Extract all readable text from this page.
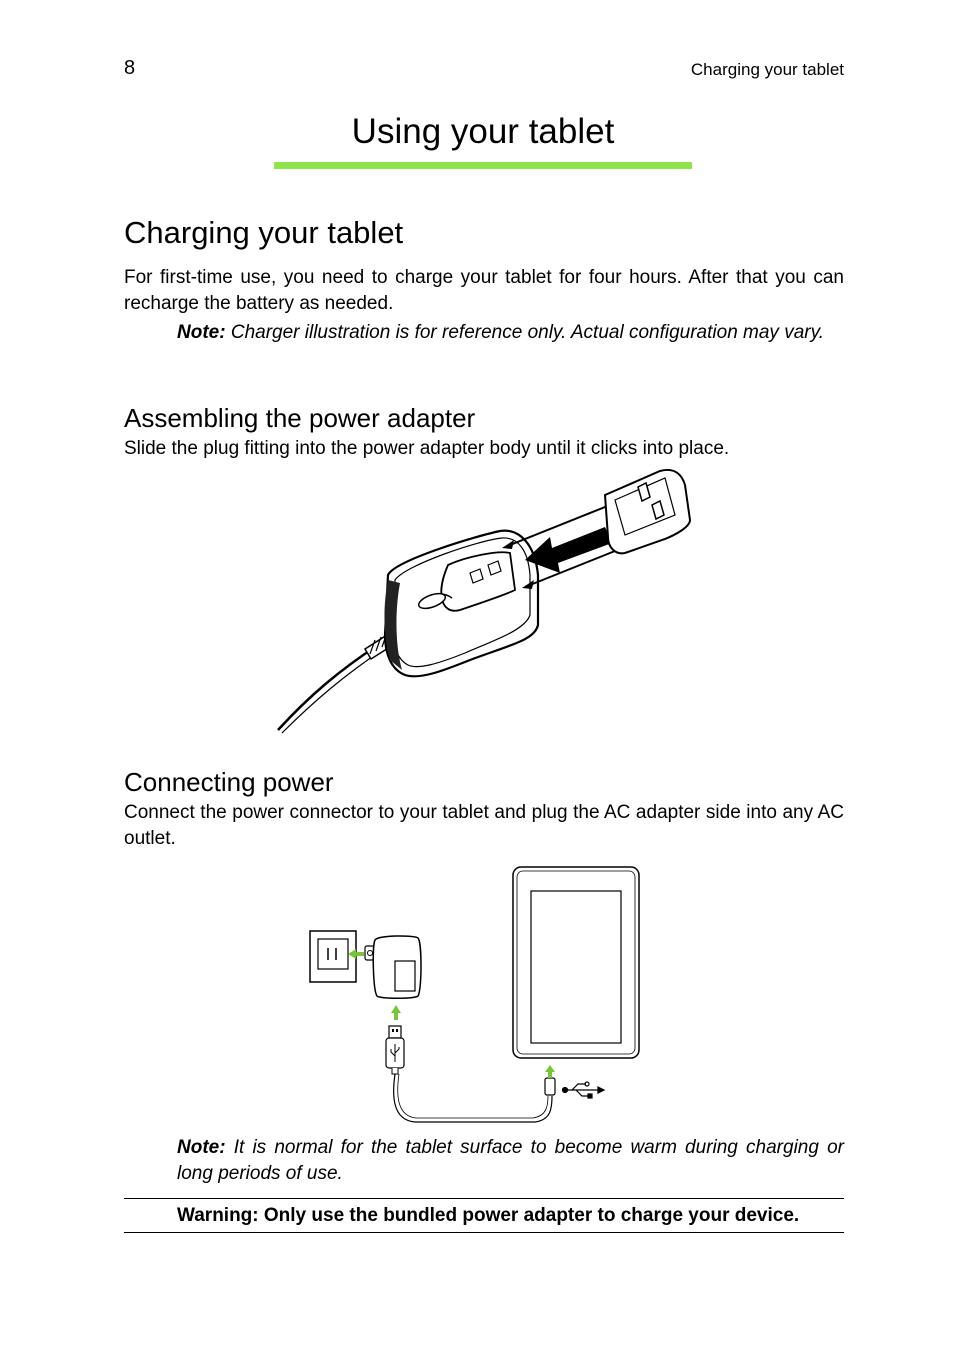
8	Charging your tablet
Using your tablet
Charging your tablet
For first-time use, you need to charge your tablet for four hours. After that you can recharge the battery as needed.
Note: Charger illustration is for reference only. Actual configuration may vary.
Assembling the power adapter
Slide the plug fitting into the power adapter body until it clicks into place.
Connecting power
Connect the power connector to your tablet and plug the AC adapter side into any AC outlet.
Note: It is normal for the tablet surface to become warm during charging or long periods of use.
Warning: Only use the bundled power adapter to charge your device.
